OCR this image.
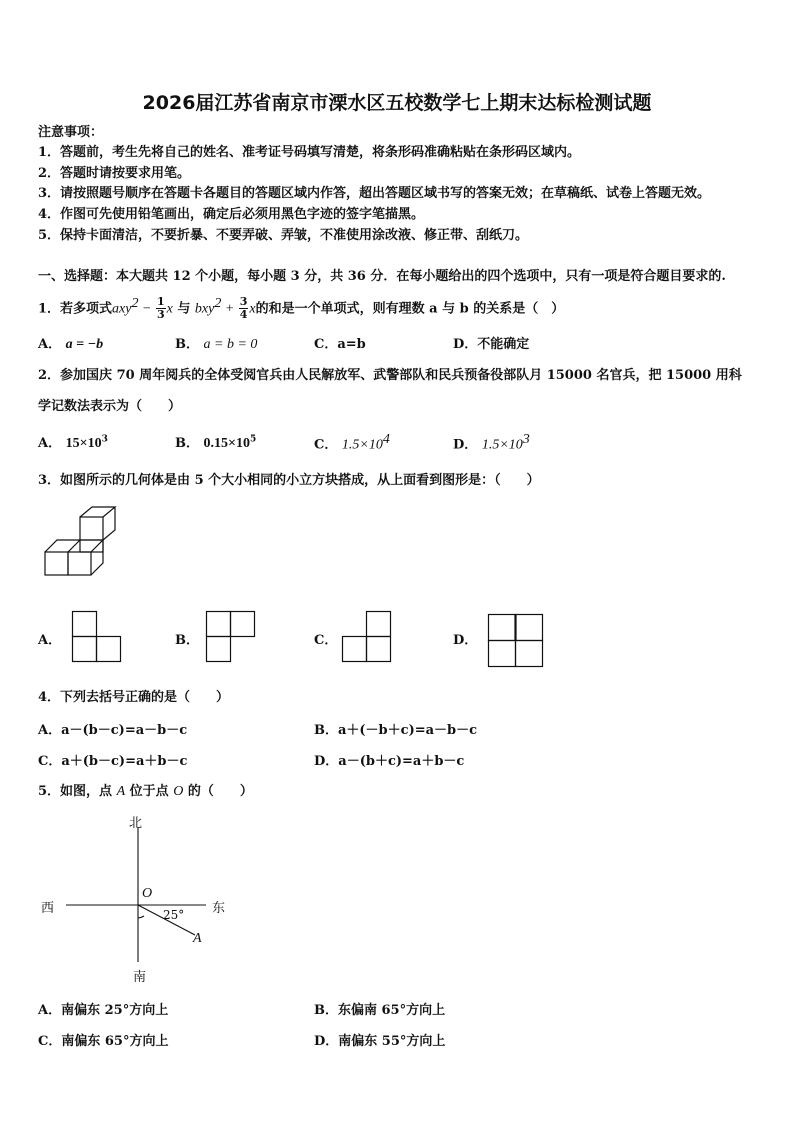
2026届江苏省南京市溧水区五校数学七上期末达标检测试题
注意事项：
1．答题前，考生先将自己的姓名、准考证号码填写清楚，将条形码准确粘贴在条形码区域内。
2．答题时请按要求用笔。
3．请按照题号顺序在答题卡各题目的答题区域内作答，超出答题区域书写的答案无效；在草稿纸、试卷上答题无效。
4．作图可先使用铅笔画出，确定后必须用黑色字迹的签字笔描黑。
5．保持卡面清洁，不要折暴、不要弄破、弄皱，不准使用涂改液、修正带、刮纸刀。
一、选择题：本大题共 12 个小题，每小题 3 分，共 36 分．在每小题给出的四个选项中，只有一项是符合题目要求的.
1．若多项式$axy^2 - \frac{1}{3}$ x 与 $bxy^2 + \frac{3}{4}$ x的和是一个单项式，则有理数 a 与 b 的关系是（　）
A． a = −b	B． a = b = 0	C．a=b	D．不能确定
2．参加国庆 70 周年阅兵的全体受阅官兵由人民解放军、武警部队和民兵预备役部队月 15000 名官兵，把 15000 用科
学记数法表示为（　　）
A． $15\times 10^3$	B． $0.15\times 10^5$	C． $1.5\times 10^4$	D． $1.5\times 10^3$
3．如图所示的几何体是由 5 个大小相同的小立方块搭成，从上面看到图形是：（　　）
A．	B．	C．	D．
4．下列去括号正确的是（　　）
A．a－(b－c)=a－b－c	B．a＋(－b＋c)=a－b－c
C．a＋(b－c)=a＋b－c	D．a－(b＋c)=a＋b－c
5．如图，点 A 位于点 O 的（　　）
北
南
西	东
O
A
25°
A．南偏东 25°方向上	B．东偏南 65°方向上
C．南偏东 65°方向上	D．南偏东 55°方向上
